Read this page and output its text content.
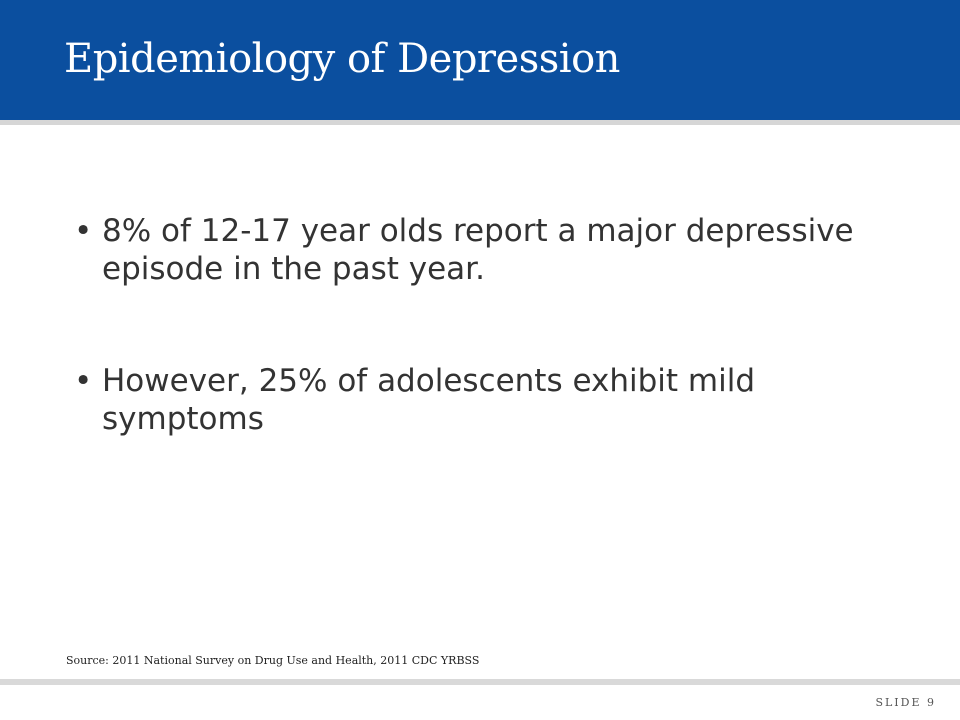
Epidemiology of Depression
• 8% of 12-17 year olds report a major depressive episode in the past year.
• However, 25% of adolescents exhibit mild symptoms
Source: 2011 National Survey on Drug Use and Health, 2011 CDC YRBSS
SLIDE 9
